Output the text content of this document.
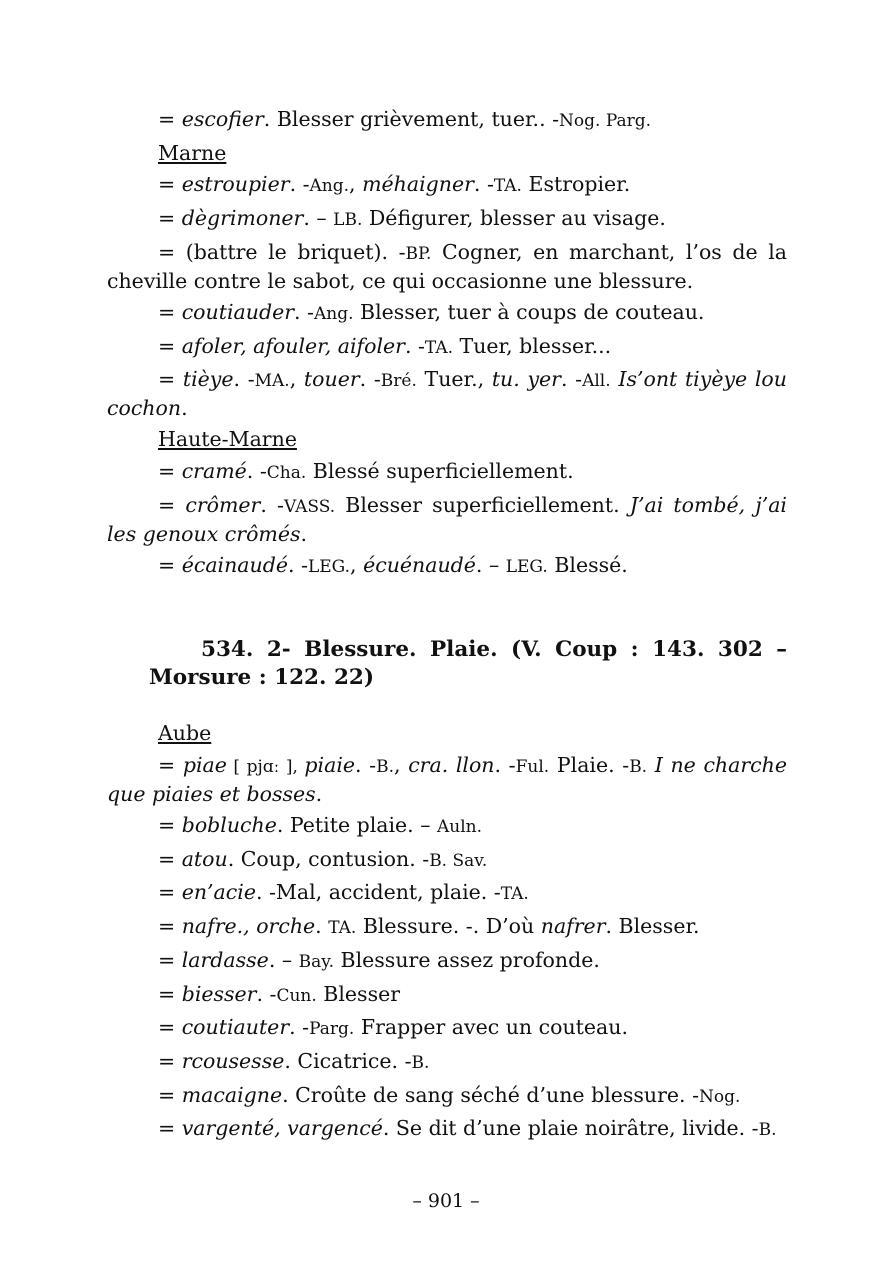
= escofier. Blesser grièvement, tuer.. -Nog. Parg.

Marne

= estroupier. -Ang., méhaigner. -TA. Estropier.

= dègrimoner. – LB. Défigurer, blesser au visage.

= (battre le briquet). -BP. Cogner, en marchant, l’os de la cheville contre le sabot, ce qui occasionne une blessure.

= coutiauder. -Ang. Blesser, tuer à coups de couteau.

= afoler, afouler, aifoler. -TA. Tuer, blesser...

= tièye. -MA., touer. -Bré. Tuer., tu. yer. -All. Is’ont tiyèye lou cochon.

Haute-Marne

= cramé. -Cha. Blessé superficiellement.

= crômer. -VASS. Blesser superficiellement. J’ai tombé, j’ai les genoux crômés.

= écainaudé. -LEG., écuénaudé. – LEG. Blessé.

534. 2- Blessure. Plaie. (V. Coup : 143. 302 – Morsure : 122. 22)

Aube

= piae [ pjɑː ], piaie. -B., cra. llon. -Ful. Plaie. -B. I ne charche que piaies et bosses.

= bobluche. Petite plaie. – Auln.

= atou. Coup, contusion. -B. Sav.

= en’acie. -Mal, accident, plaie. -TA.

= nafre., orche. TA. Blessure. -. D’où nafrer. Blesser.

= lardasse. – Bay. Blessure assez profonde.

= biesser. -Cun. Blesser

= coutiauter. -Parg. Frapper avec un couteau.

= rcousesse. Cicatrice. -B.

= macaigne. Croûte de sang séché d’une blessure. -Nog.

= vargenté, vargencé. Se dit d’une plaie noirâtre, livide. -B.

– 901 –
